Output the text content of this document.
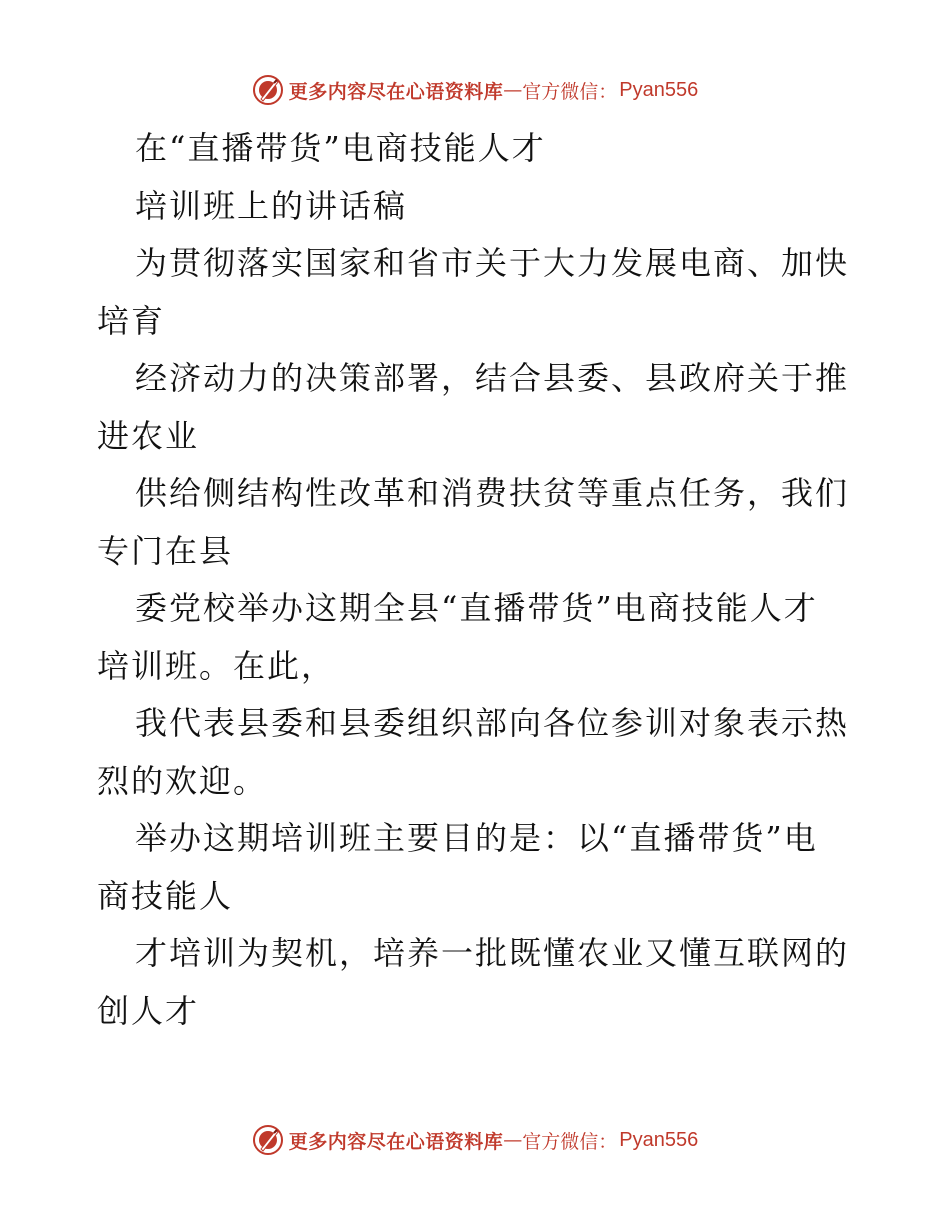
更多内容尽在心语资料库 — 官方微信： Pyan556
在“直播带货”电商技能人才
培训班上的讲话稿
为贯彻落实国家和省市关于大力发展电商、加快
培育
经济动力的决策部署，结合县委、县政府关于推
进农业
供给侧结构性改革和消费扶贫等重点任务，我们
专门在县
委党校举办这期全县“直播带货”电商技能人才
培训班。在此，
我代表县委和县委组织部向各位参训对象表示热
烈的欢迎。
举办这期培训班主要目的是：以“直播带货”电
商技能人
才培训为契机，培养一批既懂农业又懂互联网的
创人才
更多内容尽在心语资料库 — 官方微信： Pyan556
